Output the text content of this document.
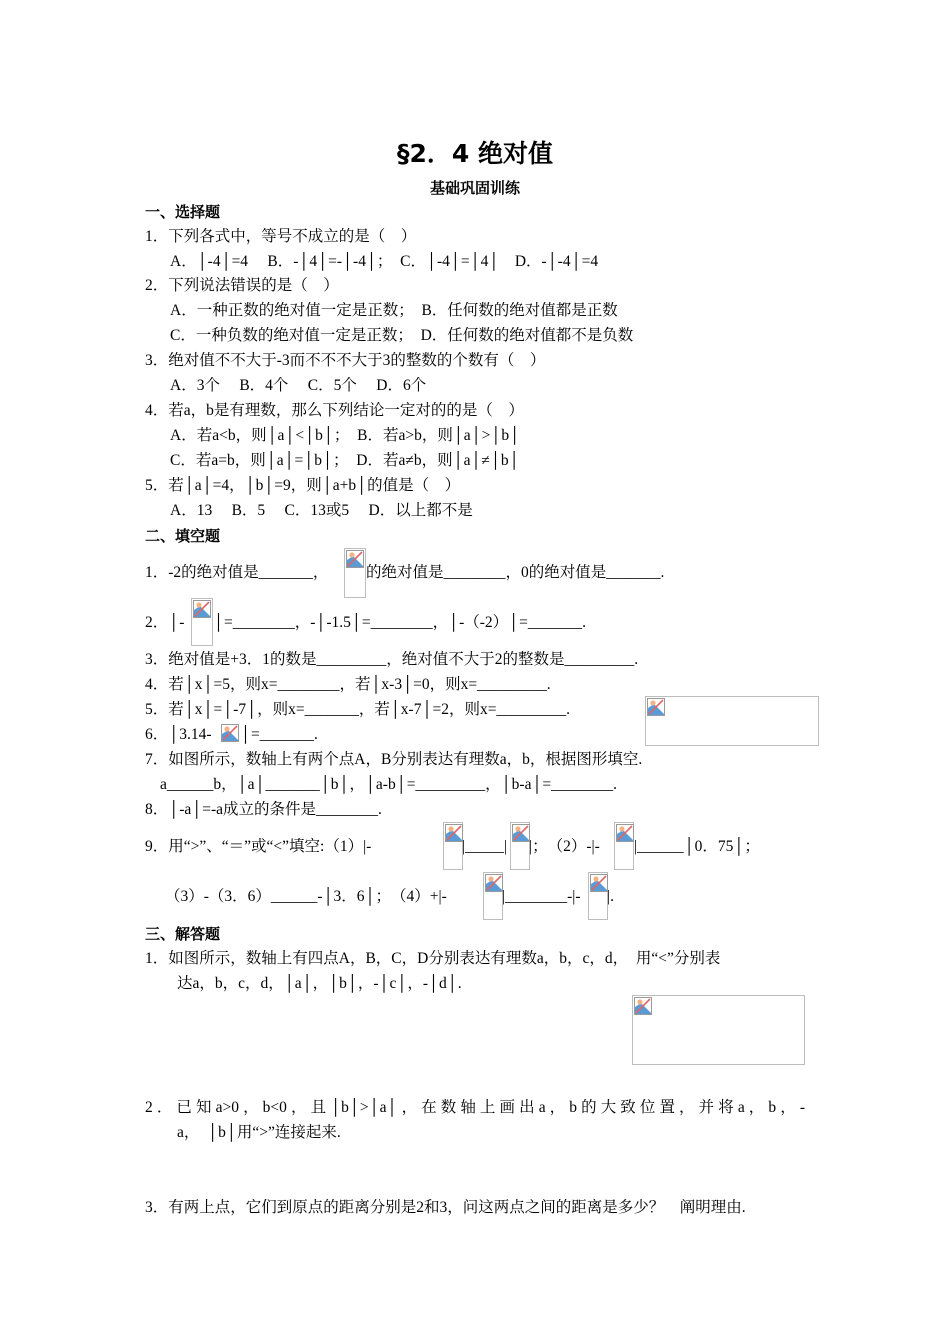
§2．4 绝对值
基础巩固训练
一、选择题
1．下列各式中，等号不成立的是（　）
A．│-4│=4　 B．-│4│=-│-4│；　C．│-4│=│4│　D．-│-4│=4
2．下列说法错误的是（　）
A．一种正数的绝对值一定是正数；　B．任何数的绝对值都是正数
C．一种负数的绝对值一定是正数；　D．任何数的绝对值都不是负数
3．绝对值不不大于-3而不不不大于3的整数的个数有（　）
A．3个　 B．4个　 C．5个　 D．6个
4．若a，b是有理数，那么下列结论一定对的的是（　）
A．若a<b，则│a│<│b│；　B．若a>b，则│a│>│b│
C．若a=b，则│a│=│b│；　D．若a≠b，则│a│≠│b│
5．若│a│=4，│b│=9，则│a+b│的值是（　）
A．13　 B．5　 C．13或5　 D．以上都不是
二、填空题
1．-2的绝对值是_______， 的绝对值是________，0的绝对值是_______.
2．│- │=________，-│-1.5│=________，│-（-2）│=_______.
3．绝对值是+3．1的数是_________，绝对值不大于2的整数是_________.
4．若│x│=5，则x=________，若│x-3│=0，则x=_________.
5．若│x│=│-7│，则x=_______，若│x-7│=2，则x=_________.
6．│3.14- │=_______.
7．如图所示，数轴上有两个点A，B分别表达有理数a，b，根据图形填空.
a______b，│a│_______│b│，│a-b│=_________，│b-a│=________.
8．│-a│=-a成立的条件是________.
9．用“>”、“＝”或“<”填空:（1）|-	|_____| |；　（2）-|- |______│0．75│；
（3）-（3．6）______-│3．6│；　（4）+|-	|________-|- |.
三、解答题
1．如图所示，数轴上有四点A，B，C，D分别表达有理数a，b，c，d，　用“<”分别表
达a，b，c，d，│a│，│b│，-│c│，-│d│.
2．已知a>0，b<0，且│b│>│a│，在数轴上画出a，b的大致位置，并将a，b，-
a，　│b│用“>”连接起来.
3．有两上点，它们到原点的距离分别是2和3，问这两点之间的距离是多少？　阐明理由.
